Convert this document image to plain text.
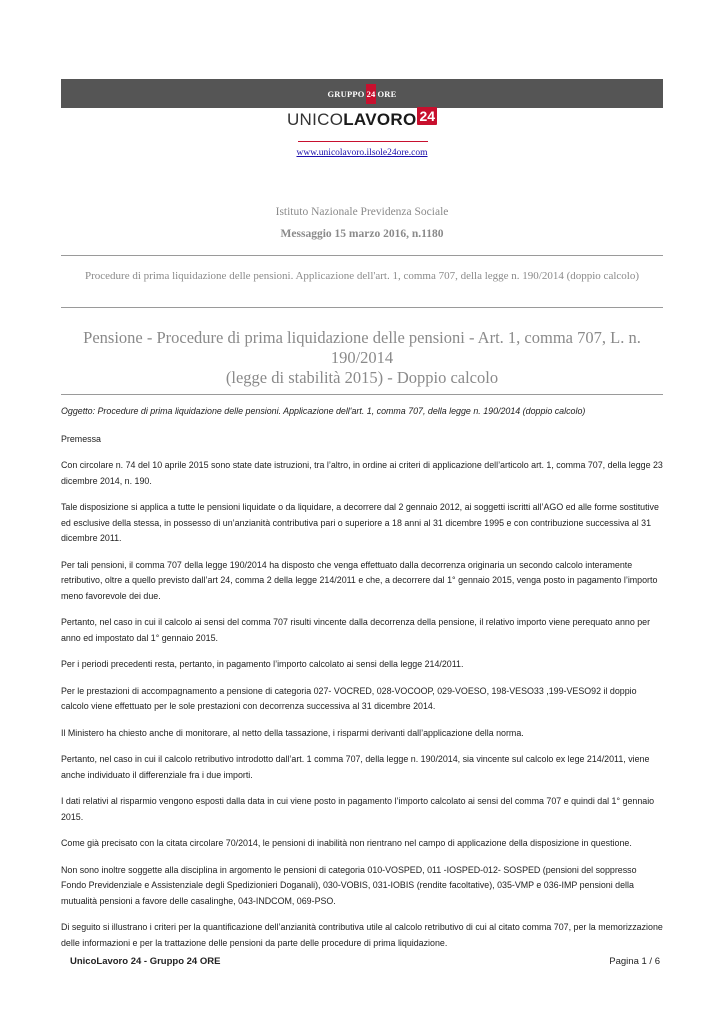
GRUPPO 24 ORE
UNICO LAVORO 24
www.unicolavoro.ilsole24ore.com
Istituto Nazionale Previdenza Sociale
Messaggio 15 marzo 2016, n.1180
Procedure di prima liquidazione delle pensioni. Applicazione dell'art. 1, comma 707, della legge n. 190/2014 (doppio calcolo)
Pensione - Procedure di prima liquidazione delle pensioni - Art. 1, comma 707, L. n. 190/2014
(legge di stabilità 2015) - Doppio calcolo

Oggetto: Procedure di prima liquidazione delle pensioni. Applicazione dell'art. 1, comma 707, della legge n. 190/2014 (doppio calcolo)

Premessa

Con circolare n. 74 del 10 aprile 2015 sono state date istruzioni, tra l’altro, in ordine ai criteri di applicazione dell’articolo art. 1, comma 707, della legge 23 dicembre 2014, n. 190.

Tale disposizione si applica a tutte le pensioni liquidate o da liquidare, a decorrere dal 2 gennaio 2012, ai soggetti iscritti all’AGO ed alle forme sostitutive ed esclusive della stessa, in possesso di un’anzianità contributiva pari o superiore a 18 anni al 31 dicembre 1995 e con contribuzione successiva al 31 dicembre 2011.

Per tali pensioni, il comma 707 della legge 190/2014 ha disposto che venga effettuato dalla decorrenza originaria un secondo calcolo interamente retributivo, oltre a quello previsto dall’art 24, comma 2 della legge 214/2011 e che, a decorrere dal 1° gennaio 2015, venga posto in pagamento l’importo meno favorevole dei due.

Pertanto, nel caso in cui il calcolo ai sensi del comma 707 risulti vincente dalla decorrenza della pensione, il relativo importo viene perequato anno per anno ed impostato dal 1° gennaio 2015.

Per i periodi precedenti resta, pertanto, in pagamento l’importo calcolato ai sensi della legge 214/2011.

Per le prestazioni di accompagnamento a pensione di categoria 027- VOCRED, 028-VOCOOP, 029-VOESO, 198-VESO33 ,199-VESO92 il doppio calcolo viene effettuato per le sole prestazioni con decorrenza successiva al 31 dicembre 2014.

Il Ministero ha chiesto anche di monitorare, al netto della tassazione, i risparmi derivanti dall’applicazione della norma.

Pertanto, nel caso in cui il calcolo retributivo introdotto dall’art. 1 comma 707, della legge n. 190/2014, sia vincente sul calcolo ex lege 214/2011, viene anche individuato il differenziale fra i due importi.

I dati relativi al risparmio vengono esposti dalla data in cui viene posto in pagamento l’importo calcolato ai sensi del comma 707 e quindi dal 1° gennaio 2015.

Come già precisato con la citata circolare 70/2014, le pensioni di inabilità non rientrano nel campo di applicazione della disposizione in questione.

Non sono inoltre soggette alla disciplina in argomento le pensioni di categoria 010-VOSPED, 011 -IOSPED-012- SOSPED (pensioni del soppresso Fondo Previdenziale e Assistenziale degli Spedizionieri Doganali), 030-VOBIS, 031-IOBIS (rendite facoltative), 035-VMP e 036-IMP pensioni della mutualità pensioni a favore delle casalinghe, 043-INDCOM, 069-PSO.

Di seguito si illustrano i criteri per la quantificazione dell’anzianità contributiva utile al calcolo retributivo di cui al citato comma 707, per la memorizzazione delle informazioni e per la trattazione delle pensioni da parte delle procedure di prima liquidazione.

UnicoLavoro 24 - Gruppo 24 ORE	Pagina 1 / 6
